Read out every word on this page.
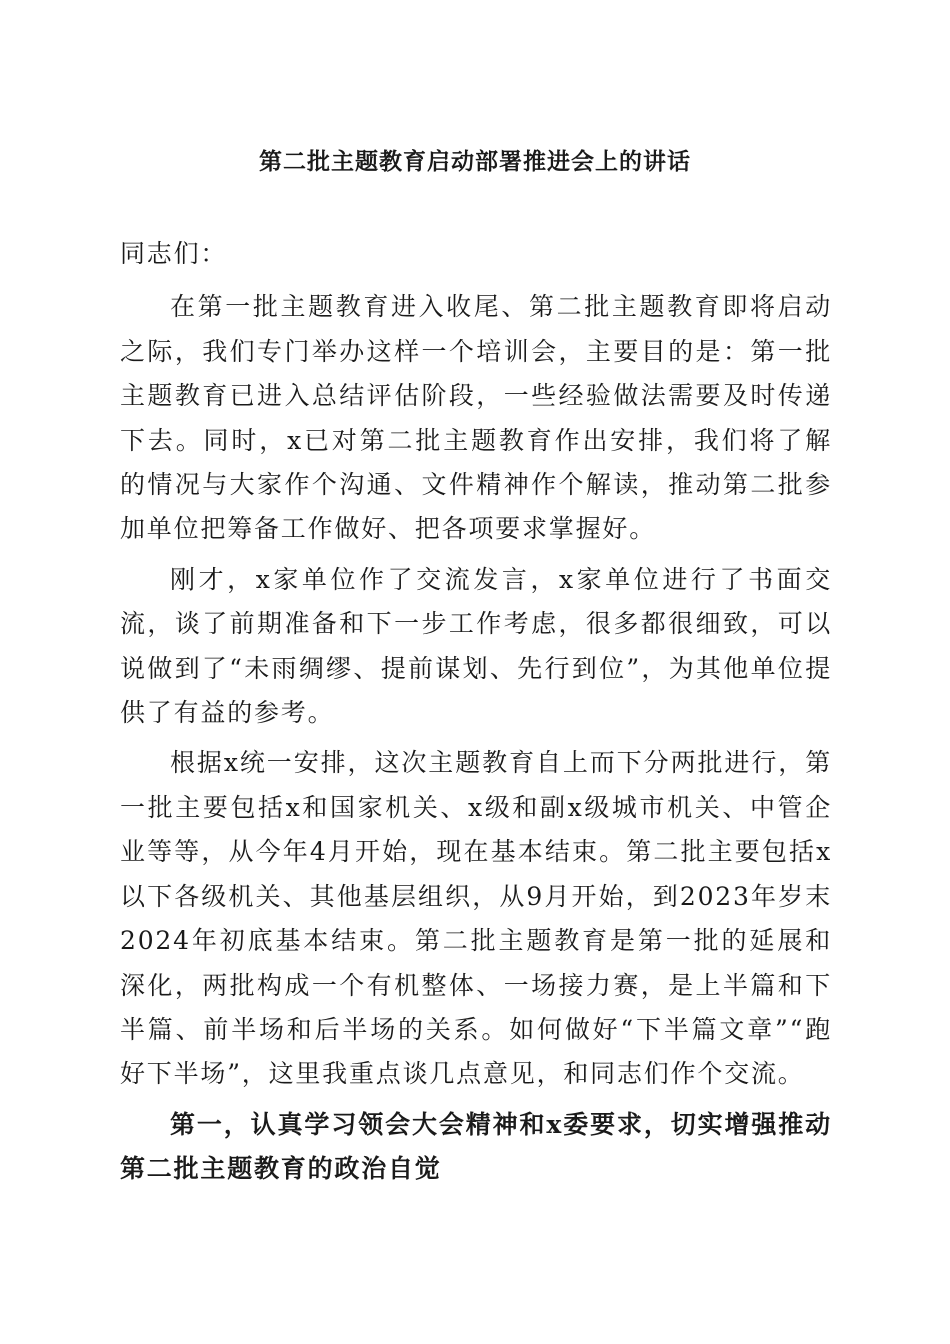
第二批主题教育启动部署推进会上的讲话

同志们：

在第一批主题教育进入收尾、第二批主题教育即将启动之际，我们专门举办这样一个培训会，主要目的是：第一批主题教育已进入总结评估阶段，一些经验做法需要及时传递下去。同时，x已对第二批主题教育作出安排，我们将了解的情况与大家作个沟通、文件精神作个解读，推动第二批参加单位把筹备工作做好、把各项要求掌握好。

刚才，x家单位作了交流发言，x家单位进行了书面交流，谈了前期准备和下一步工作考虑，很多都很细致，可以说做到了“未雨绸缪、提前谋划、先行到位”，为其他单位提供了有益的参考。

根据x统一安排，这次主题教育自上而下分两批进行，第一批主要包括x和国家机关、x级和副x级城市机关、中管企业等等，从今年4月开始，现在基本结束。第二批主要包括x以下各级机关、其他基层组织，从9月开始，到2023年岁末2024年初底基本结束。第二批主题教育是第一批的延展和深化，两批构成一个有机整体、一场接力赛，是上半篇和下半篇、前半场和后半场的关系。如何做好“下半篇文章”“跑好下半场”，这里我重点谈几点意见，和同志们作个交流。

第一，认真学习领会大会精神和x委要求，切实增强推动第二批主题教育的政治自觉
